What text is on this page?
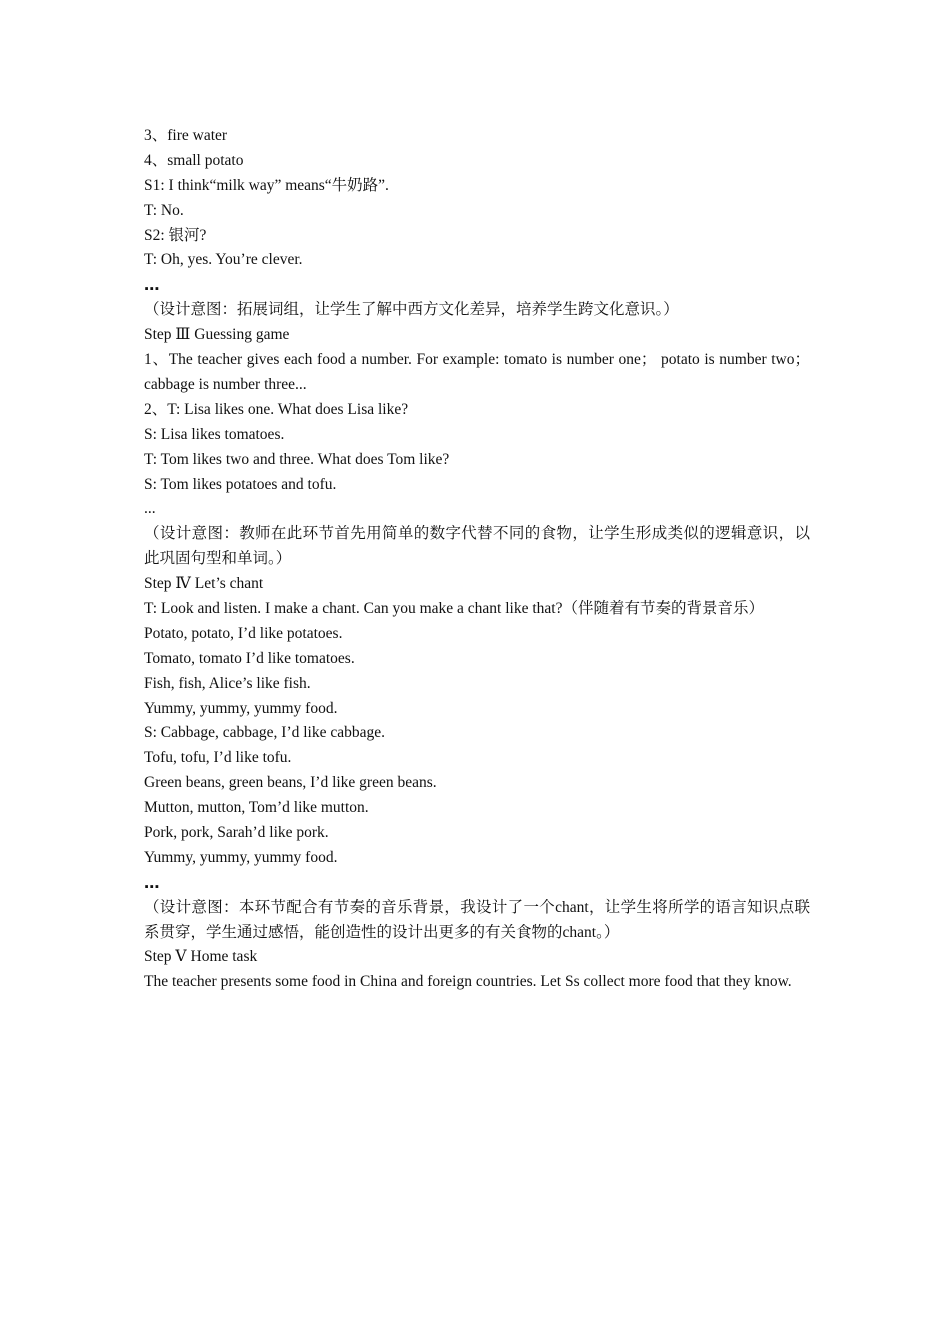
3、fire water
4、small potato
S1: I think“milk way” means“牛奶路”.
T: No.
S2: 银河?
T: Oh, yes. You’re clever.
…
（设计意图：拓展词组，让学生了解中西方文化差异，培养学生跨文化意识。）
Step Ⅲ Guessing game
1、The teacher gives each food a number. For example: tomato is number one； potato is number two；cabbage is number three...
2、T: Lisa likes one. What does Lisa like?
S: Lisa likes tomatoes.
T: Tom likes two and three. What does Tom like?
S: Tom likes potatoes and tofu.
...
（设计意图：教师在此环节首先用简单的数字代替不同的食物，让学生形成类似的逻辑意识，以此巩固句型和单词。）
Step Ⅳ Let’s chant
T: Look and listen. I make a chant. Can you make a chant like that?（伴随着有节奏的背景音乐）
Potato, potato, I’d like potatoes.
Tomato, tomato I’d like tomatoes.
Fish, fish, Alice’s like fish.
Yummy, yummy, yummy food.
S: Cabbage, cabbage, I’d like cabbage.
Tofu, tofu, I’d like tofu.
Green beans, green beans, I’d like green beans.
Mutton, mutton, Tom’d like mutton.
Pork, pork, Sarah’d like pork.
Yummy, yummy, yummy food.
…
（设计意图：本环节配合有节奏的音乐背景，我设计了一个chant，让学生将所学的语言知识点联系贯穿，学生通过感悟，能创造性的设计出更多的有关食物的chant。）
Step Ⅴ Home task
The teacher presents some food in China and foreign countries. Let Ss collect more food that they know.
